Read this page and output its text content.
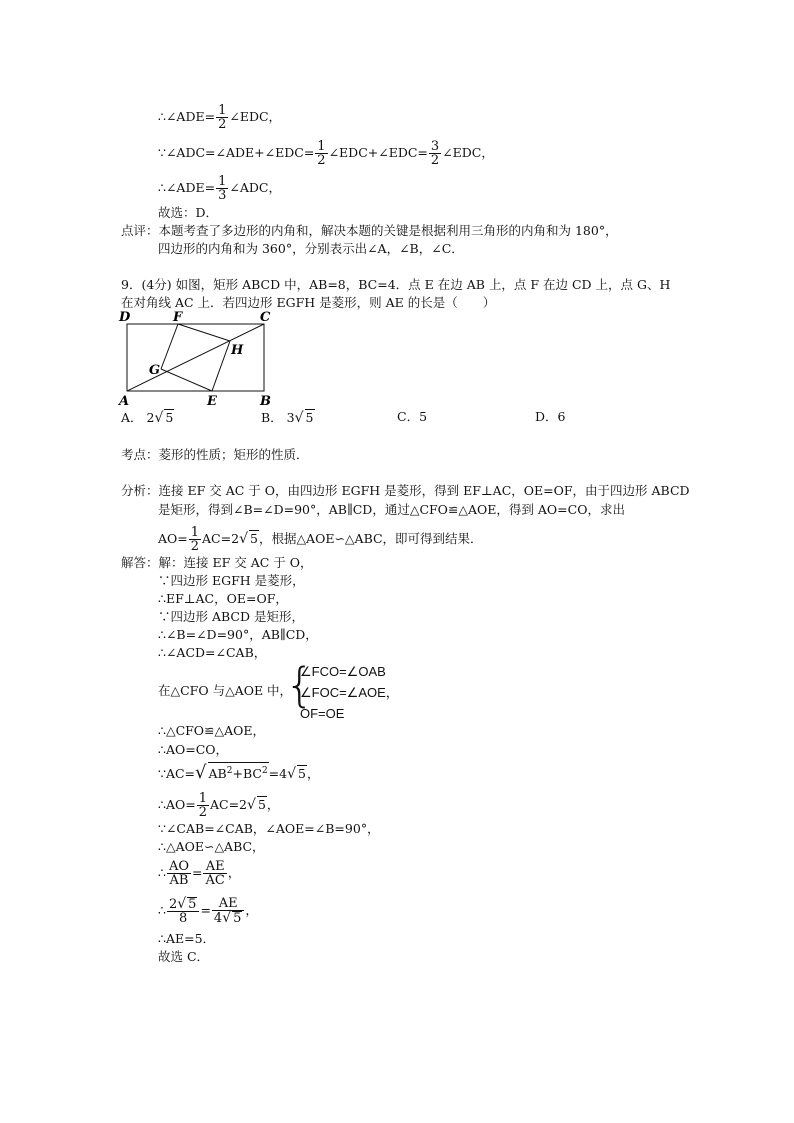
∴∠ADE= $\frac{1}{2}$ ∠EDC，
∵∠ADC=∠ADE+∠EDC= $\frac{1}{2}$ ∠EDC+∠EDC= $\frac{3}{2}$ ∠EDC，
∴∠ADE= $\frac{1}{3}$ ∠ADC，
故选：D．
点评：本题考查了多边形的内角和，解决本题的关键是根据利用三角形的内角和为 180°，
四边形的内角和为 360°，分别表示出∠A，∠B，∠C．
9．(4分) 如图，矩形 ABCD 中，AB=8，BC=4．点 E 在边 AB 上，点 F 在边 CD 上，点 G、H
在对角线 AC 上．若四边形 EGFH 是菱形，则 AE 的长是（　　）
D	F	C
H
G
A	E	B
A． 2√ 5	B． 3√ 5	C．5	D．6
考点：菱形的性质；矩形的性质．
分析：连接 EF 交 AC 于 O，由四边形 EGFH 是菱形，得到 EF⊥AC，OE=OF，由于四边形 ABCD
是矩形，得到∠B=∠D=90°，AB∥CD，通过△CFO≌△AOE，得到 AO=CO，求出
$AO= \frac{1}{2} AC=2√$ 5，根据△AOE∽△ABC，即可得到结果．
解答：解：连接 EF 交 AC 于 O，
∵四边形 EGFH 是菱形，
∴EF⊥AC，OE=OF，
∵四边形 ABCD 是矩形，
∴∠B=∠D=90°，AB∥CD，
∴∠ACD=∠CAB，
在△CFO 与△AOE 中，
{
∠FCO=∠OAB
∠FOC=∠AOE，
OF=OE
∴△CFO≌△AOE，
∴AO=CO，
∵AC=√ $AB^2+BC^2=4√$ 5，
∴AO= $\frac{1}{2} AC=2√$ 5，
∵∠CAB=∠CAB，∠AOE=∠B=90°，
∴△AOE∽△ABC，
∴ $\frac{AO}{AB} = \frac{AE}{AC}$ ，
∴ $\frac{2√ 5}{8} = \frac{AE}{4√ 5}$ ，
∴AE=5．
故选 C．
